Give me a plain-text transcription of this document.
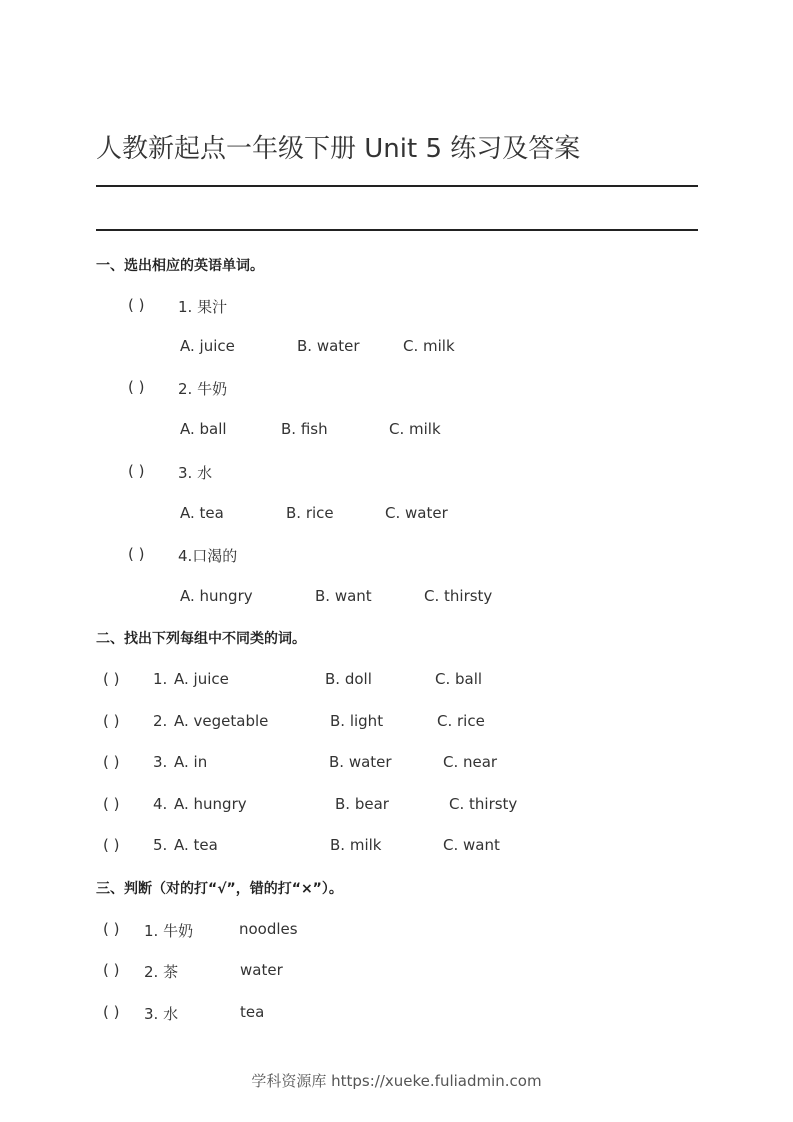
人教新起点一年级下册 Unit 5 练习及答案
一、选出相应的英语单词。
( ) 1. 果汁
A. juice	B. water	C. milk
( ) 2. 牛奶
A. ball	B. fish	C. milk
( ) 3. 水
A. tea	B. rice	C. water
( ) 4.口渴的
A. hungry	B. want	C. thirsty
二、找出下列每组中不同类的词。
( ) 1. A. juice	B. doll	C. ball
( ) 2. A. vegetable	B. light	C. rice
( ) 3. A. in	B. water	C. near
( ) 4. A. hungry	B. bear	C. thirsty
( ) 5. A. tea	B. milk	C. want
三、判断（对的打“√”，错的打“×”）。
( ) 1. 牛奶	noodles
( ) 2. 茶	water
( ) 3. 水	tea
学科资源库 https://xueke.fuliadmin.com
